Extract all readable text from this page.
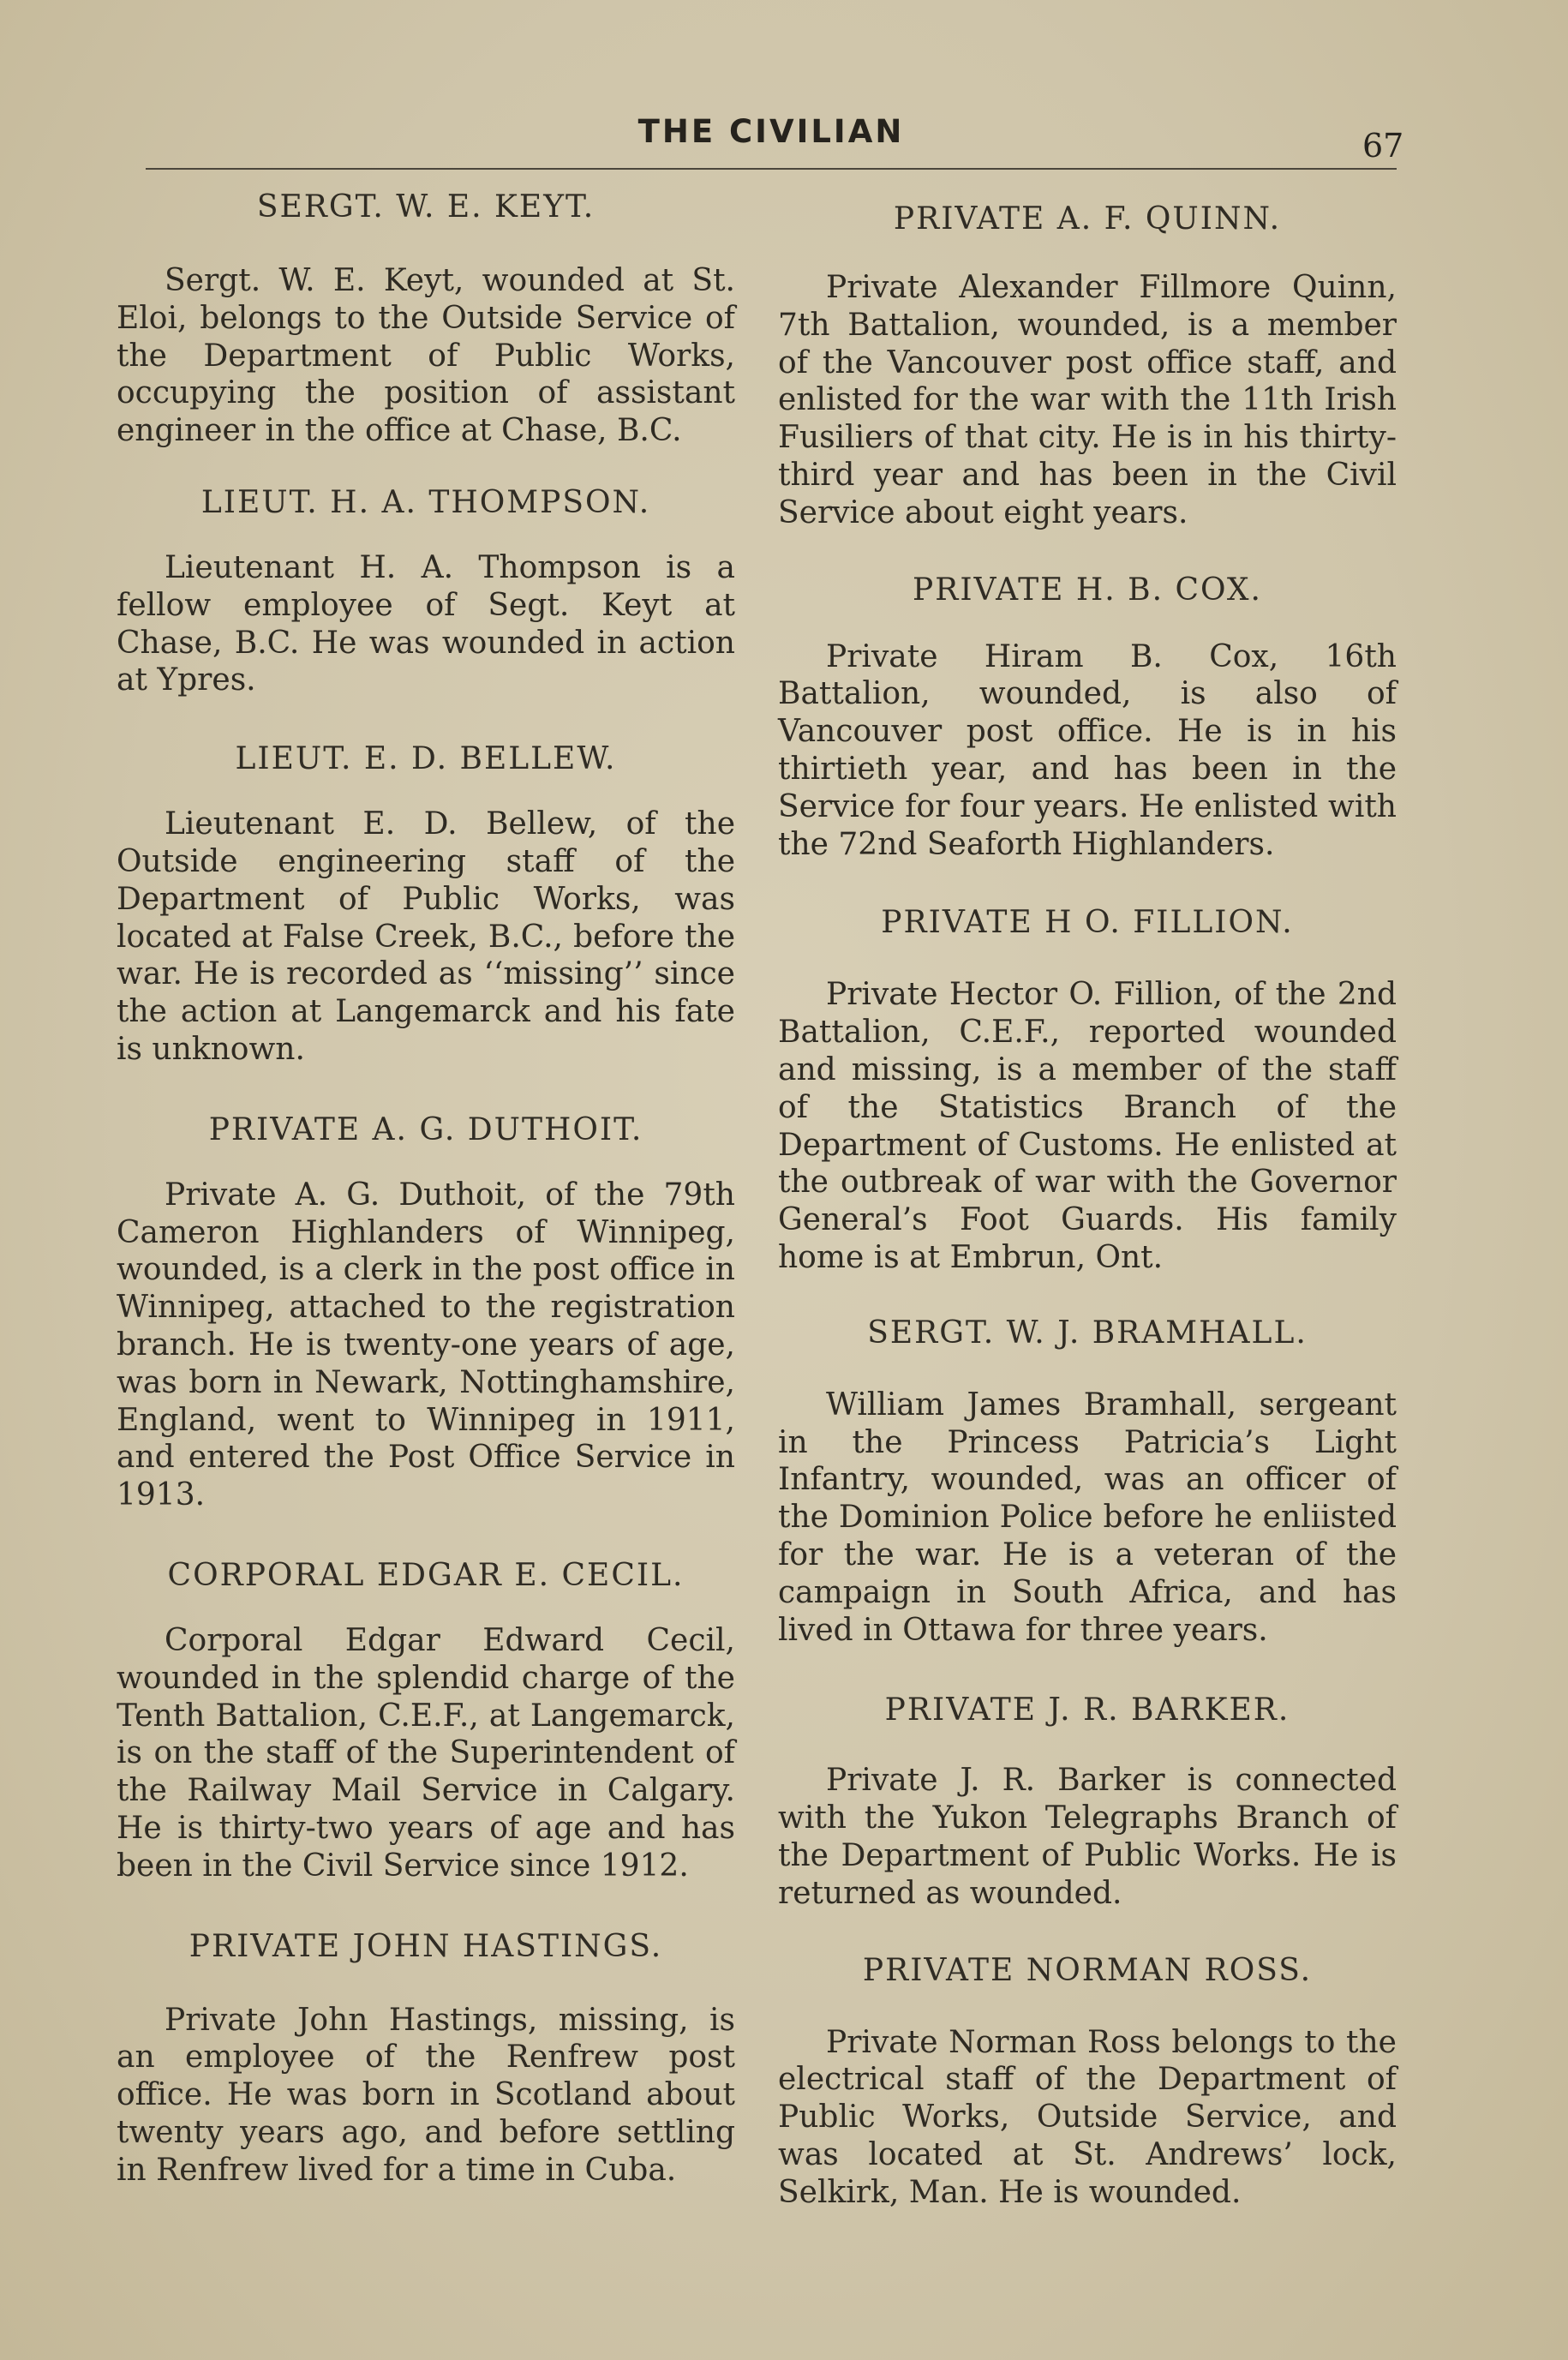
THE CIVILIAN	67
SERGT. W. E. KEYT.

Sergt. W. E. Keyt, wounded at St. Eloi, belongs to the Outside Service of the Department of Public Works, occupying the position of assistant engineer in the office at Chase, B.C.

LIEUT. H. A. THOMPSON.

Lieutenant H. A. Thompson is a fellow employee of Segt. Keyt at Chase, B.C. He was wounded in action at Ypres.

LIEUT. E. D. BELLEW.

Lieutenant E. D. Bellew, of the Outside engineering staff of the Department of Public Works, was located at False Creek, B.C., before the war. He is recorded as ‘‘missing’’ since the action at Langemarck and his fate is unknown.

PRIVATE A. G. DUTHOIT.

Private A. G. Duthoit, of the 79th Cameron Highlanders of Winnipeg, wounded, is a clerk in the post office in Winnipeg, attached to the registration branch. He is twenty-one years of age, was born in Newark, Nottinghamshire, England, went to Winnipeg in 1911, and entered the Post Office Service in 1913.

CORPORAL EDGAR E. CECIL.

Corporal Edgar Edward Cecil, wounded in the splendid charge of the Tenth Battalion, C.E.F., at Langemarck, is on the staff of the Superintendent of the Railway Mail Service in Calgary. He is thirty-two years of age and has been in the Civil Service since 1912.

PRIVATE JOHN HASTINGS.

Private John Hastings, missing, is an employee of the Renfrew post office. He was born in Scotland about twenty years ago, and before settling in Renfrew lived for a time in Cuba.

PRIVATE A. F. QUINN.

Private Alexander Fillmore Quinn, 7th Battalion, wounded, is a member of the Vancouver post office staff, and enlisted for the war with the 11th Irish Fusiliers of that city. He is in his thirty-third year and has been in the Civil Service about eight years.

PRIVATE H. B. COX.

Private Hiram B. Cox, 16th Battalion, wounded, is also of Vancouver post office. He is in his thirtieth year, and has been in the Service for four years. He enlisted with the 72nd Seaforth Highlanders.

PRIVATE H O. FILLION.

Private Hector O. Fillion, of the 2nd Battalion, C.E.F., reported wounded and missing, is a member of the staff of the Statistics Branch of the Department of Customs. He enlisted at the outbreak of war with the Governor General’s Foot Guards. His family home is at Embrun, Ont.

SERGT. W. J. BRAMHALL.

William James Bramhall, sergeant in the Princess Patricia’s Light Infantry, wounded, was an officer of the Dominion Police before he enliisted for the war. He is a veteran of the campaign in South Africa, and has lived in Ottawa for three years.

PRIVATE J. R. BARKER.

Private J. R. Barker is connected with the Yukon Telegraphs Branch of the Department of Public Works. He is returned as wounded.

PRIVATE NORMAN ROSS.

Private Norman Ross belongs to the electrical staff of the Department of Public Works, Outside Service, and was located at St. Andrews’ lock, Selkirk, Man. He is wounded.
